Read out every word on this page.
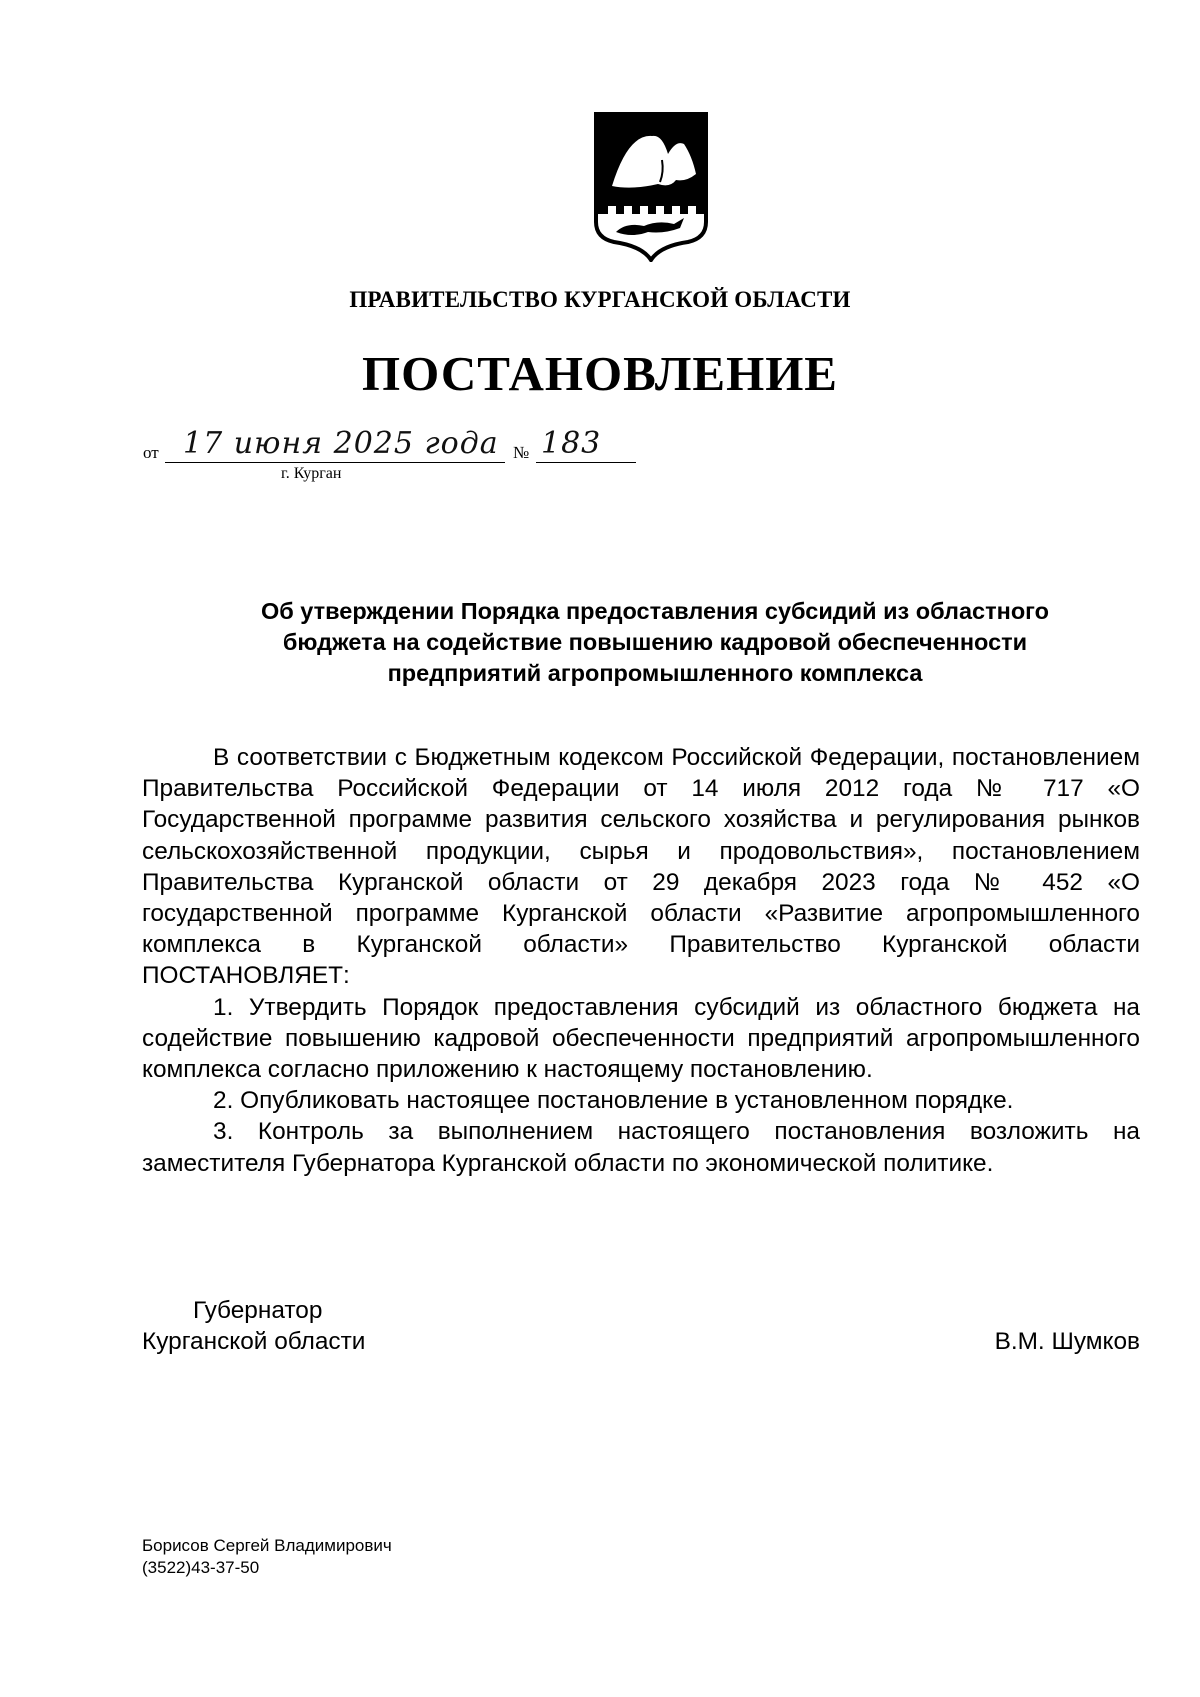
ПРАВИТЕЛЬСТВО КУРГАНСКОЙ ОБЛАСТИ
ПОСТАНОВЛЕНИЕ
от 17 июня 2025 года № 183
г. Курган
Об утверждении Порядка предоставления субсидий из областного
бюджета на содействие повышению кадровой обеспеченности
предприятий агропромышленного комплекса

В соответствии с Бюджетным кодексом Российской Федерации, постановлением Правительства Российской Федерации от 14 июля 2012 года № 717 «О Государственной программе развития сельского хозяйства и регулирования рынков сельскохозяйственной продукции, сырья и продовольствия», постановлением Правительства Курганской области от 29 декабря 2023 года № 452 «О государственной программе Курганской области «Развитие агропромышленного комплекса в Курганской области» Правительство Курганской области ПОСТАНОВЛЯЕТ:

1. Утвердить Порядок предоставления субсидий из областного бюджета на содействие повышению кадровой обеспеченности предприятий агропромышленного комплекса согласно приложению к настоящему постановлению.

2. Опубликовать настоящее постановление в установленном порядке.

3. Контроль за выполнением настоящего постановления возложить на заместителя Губернатора Курганской области по экономической политике.

Губернатор
Курганской области	В.М. Шумков
Борисов Сергей Владимирович
(3522)43-37-50
